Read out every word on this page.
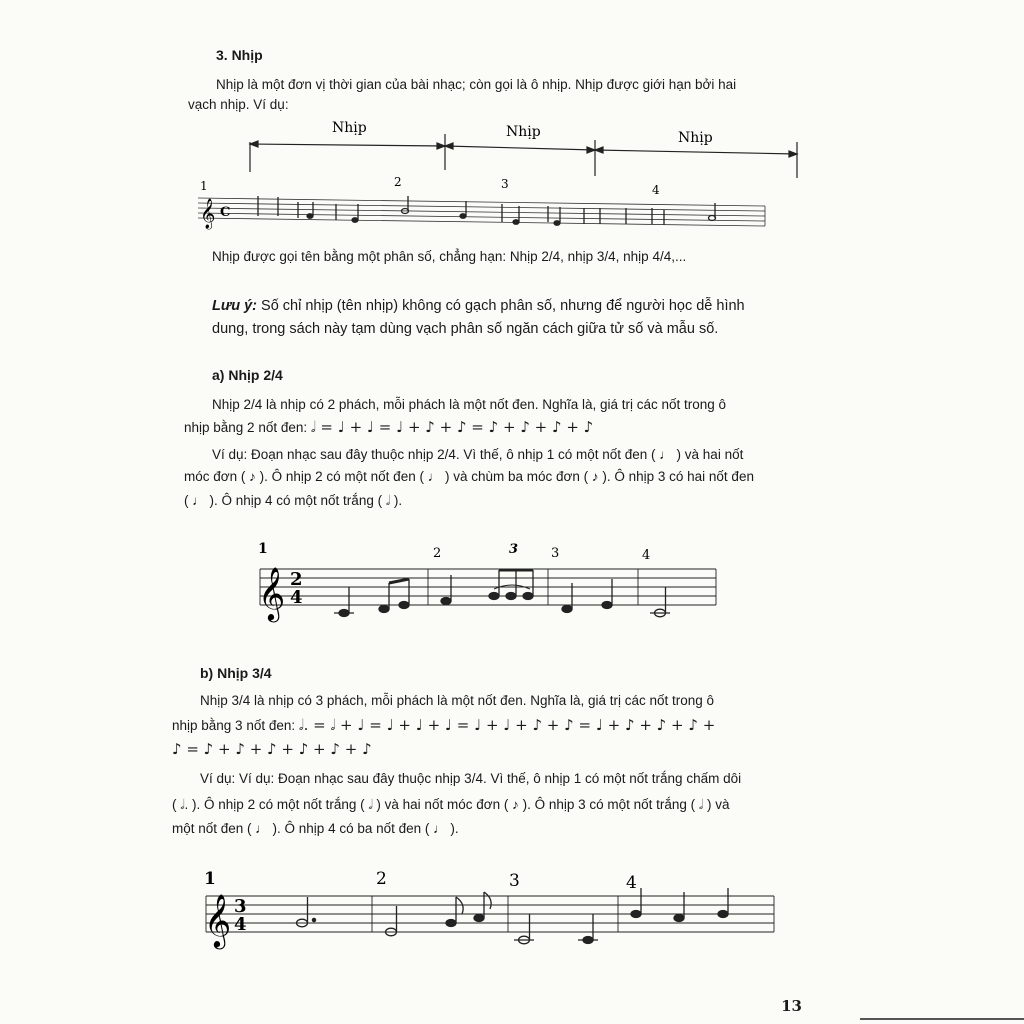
3. Nhịp
Nhịp là một đơn vị thời gian của bài nhạc; còn gọi là ô nhịp. Nhịp được giới hạn bởi hai
vạch nhịp. Ví dụ:
Nhịp	Nhịp	Nhịp
1	2	3	4
𝄞 C
Nhịp được gọi tên bằng một phân số, chẳng hạn: Nhịp 2/4, nhịp 3/4, nhịp 4/4,...
Lưu ý: Số chỉ nhịp (tên nhịp) không có gạch phân số, nhưng để người học dễ hình
dung, trong sách này tạm dùng vạch phân số ngăn cách giữa tử số và mẫu số.
a) Nhịp 2/4
Nhịp 2/4 là nhịp có 2 phách, mỗi phách là một nốt đen. Nghĩa là, giá trị các nốt trong ô
nhịp bằng 2 nốt đen: 𝅗𝅥 = ♩ + ♩ = ♩ + ♪ + ♪ = ♪ + ♪ + ♪ + ♪
Ví dụ: Đoạn nhạc sau đây thuộc nhịp 2/4. Vì thế, ô nhịp 1 có một nốt đen ( ♩ ) và hai nốt
móc đơn ( ♪ ). Ô nhịp 2 có một nốt đen ( ♩ ) và chùm ba móc đơn ( ♪ ). Ô nhịp 3 có hai nốt đen
( ♩ ). Ô nhịp 4 có một nốt trắng ( 𝅗𝅥 ).
1	2	3	4
3
𝄞 2
4
b) Nhịp 3/4
Nhịp 3/4 là nhịp có 3 phách, mỗi phách là một nốt đen. Nghĩa là, giá trị các nốt trong ô
nhịp bằng 3 nốt đen: 𝅗𝅥. = 𝅗𝅥 + ♩ = ♩ + ♩ + ♩ = ♩ + ♩ + ♪ + ♪ = ♩ + ♪ + ♪ + ♪ +
♪ = ♪ + ♪ + ♪ + ♪ + ♪ + ♪
Ví dụ: Ví dụ: Đoạn nhạc sau đây thuộc nhịp 3/4. Vì thế, ô nhịp 1 có một nốt trắng chấm dôi
( 𝅗𝅥. ). Ô nhịp 2 có một nốt trắng ( 𝅗𝅥 ) và hai nốt móc đơn ( ♪ ). Ô nhịp 3 có một nốt trắng ( 𝅗𝅥 ) và
một nốt đen ( ♩ ). Ô nhịp 4 có ba nốt đen ( ♩ ).
1	2	3	4
𝄞 3
4
13
